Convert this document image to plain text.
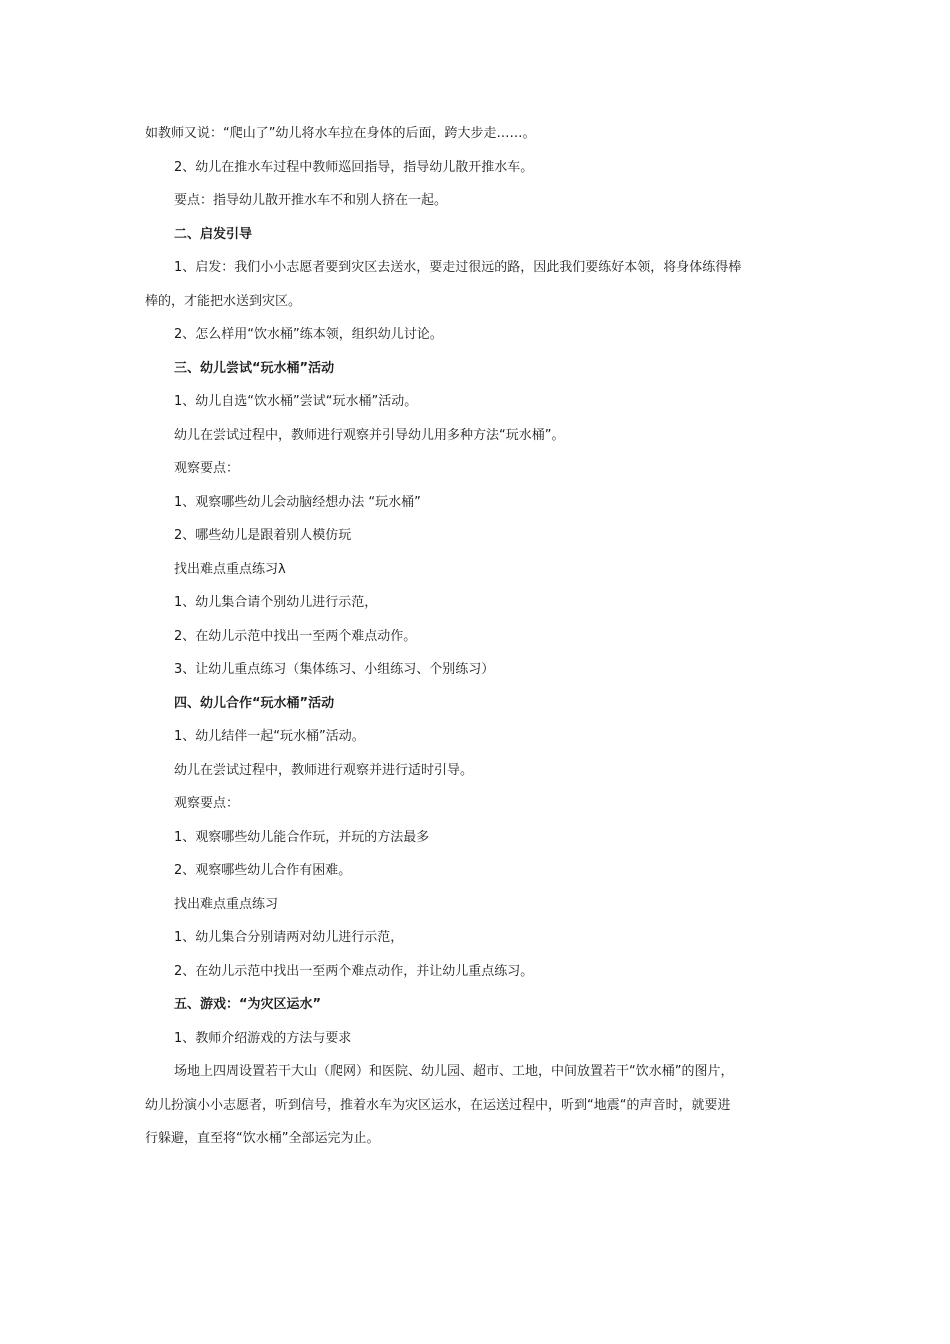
如教师又说：“爬山了”幼儿将水车拉在身体的后面，跨大步走……。
2、幼儿在推水车过程中教师巡回指导，指导幼儿散开推水车。
要点：指导幼儿散开推水车不和别人挤在一起。
二、启发引导
1、启发：我们小小志愿者要到灾区去送水，要走过很远的路，因此我们要练好本领，将身体练得棒
棒的，才能把水送到灾区。
2、怎么样用“饮水桶”练本领，组织幼儿讨论。
三、幼儿尝试“玩水桶”活动
1、幼儿自选“饮水桶”尝试“玩水桶”活动。
幼儿在尝试过程中，教师进行观察并引导幼儿用多种方法“玩水桶”。
观察要点：
1、观察哪些幼儿会动脑经想办法 “玩水桶”
2、哪些幼儿是跟着别人模仿玩
找出难点重点练习λ
1、幼儿集合请个别幼儿进行示范，
2、在幼儿示范中找出一至两个难点动作。
3、让幼儿重点练习（集体练习、小组练习、个别练习）
四、幼儿合作“玩水桶”活动
1、幼儿结伴一起“玩水桶”活动。
幼儿在尝试过程中，教师进行观察并进行适时引导。
观察要点：
1、观察哪些幼儿能合作玩，并玩的方法最多
2、观察哪些幼儿合作有困难。
找出难点重点练习
1、幼儿集合分别请两对幼儿进行示范，
2、在幼儿示范中找出一至两个难点动作，并让幼儿重点练习。
五、游戏：“为灾区运水”
1、教师介绍游戏的方法与要求
场地上四周设置若干大山（爬网）和医院、幼儿园、超市、工地，中间放置若干“饮水桶”的图片，
幼儿扮演小小志愿者，听到信号，推着水车为灾区运水，在运送过程中，听到“地震“的声音时，就要进
行躲避，直至将“饮水桶”全部运完为止。
